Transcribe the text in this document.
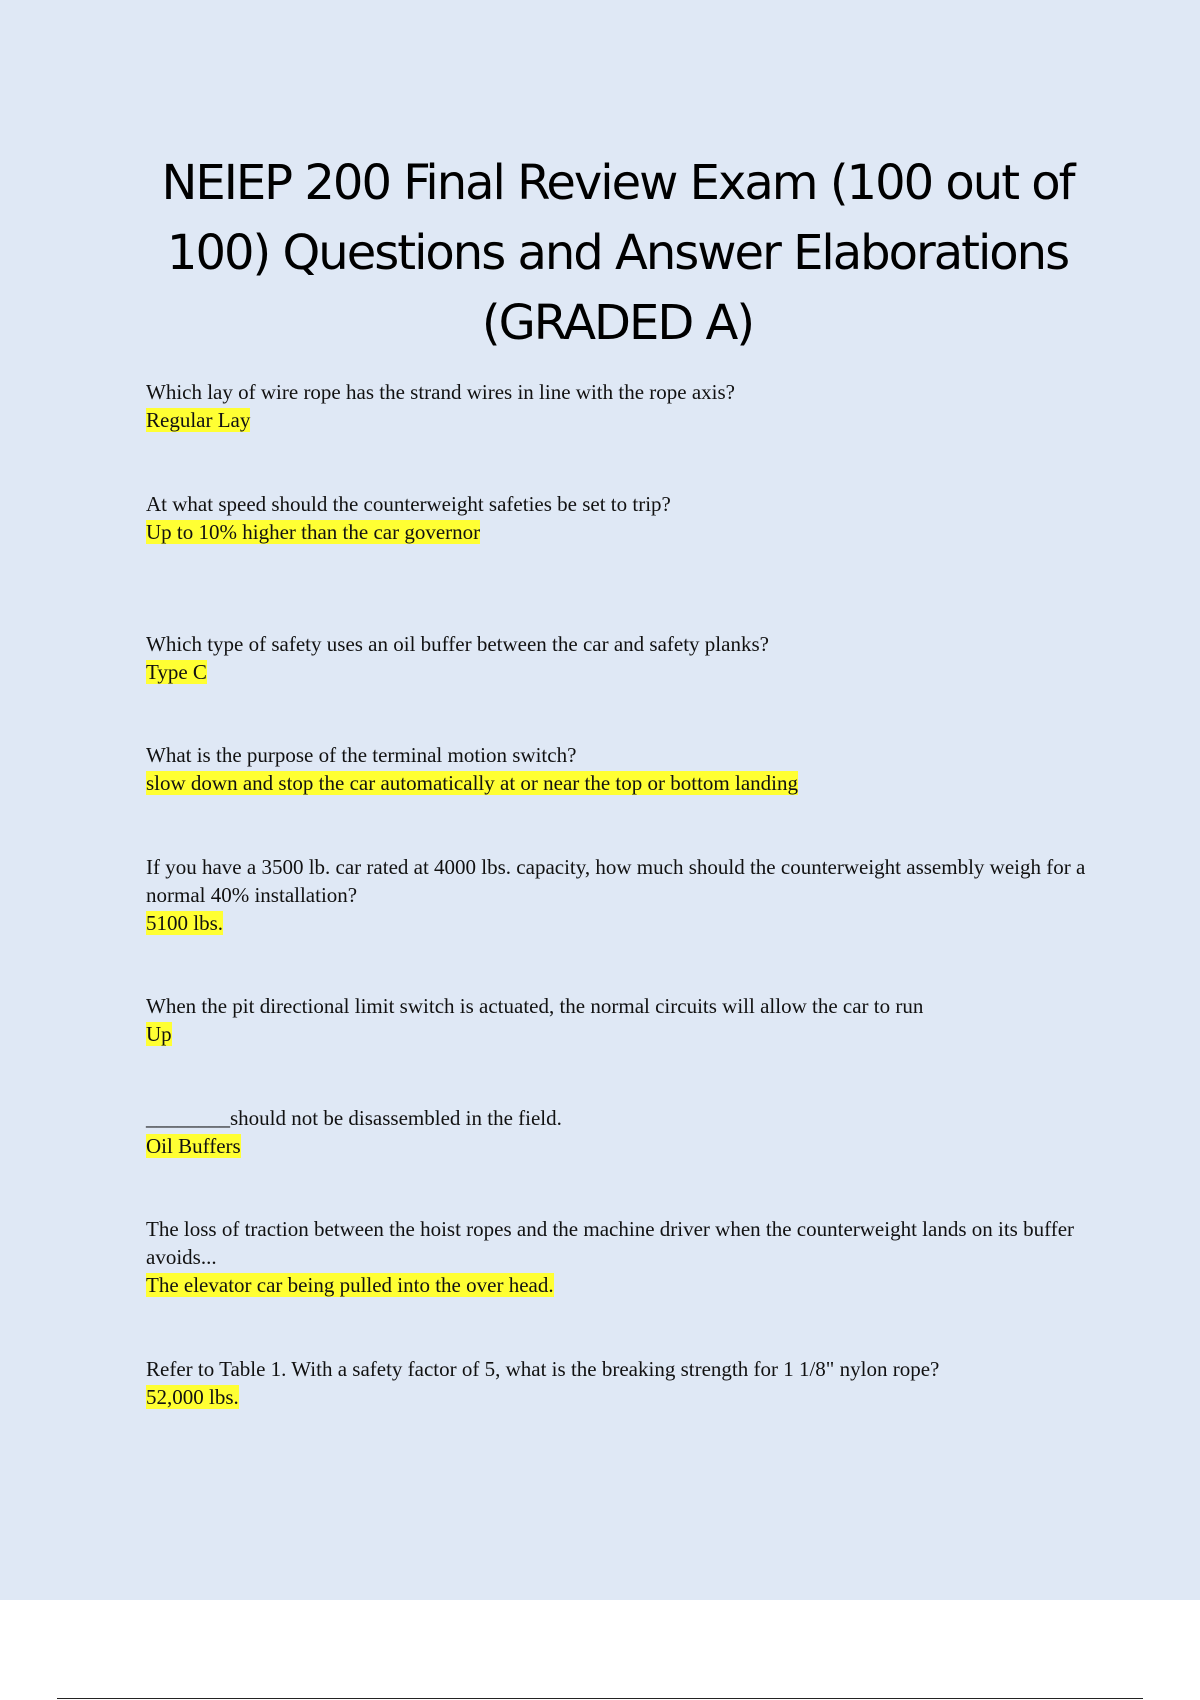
NEIEP 200 Final Review Exam (100 out of 100) Questions and Answer Elaborations (GRADED A)

Which lay of wire rope has the strand wires in line with the rope axis?

Regular Lay

At what speed should the counterweight safeties be set to trip?

Up to 10% higher than the car governor

Which type of safety uses an oil buffer between the car and safety planks?

Type C

What is the purpose of the terminal motion switch?

slow down and stop the car automatically at or near the top or bottom landing

If you have a 3500 lb. car rated at 4000 lbs. capacity, how much should the counterweight assembly weigh for a normal 40% installation?

5100 lbs.

When the pit directional limit switch is actuated, the normal circuits will allow the car to run

Up

________should not be disassembled in the field.

Oil Buffers

The loss of traction between the hoist ropes and the machine driver when the counterweight lands on its buffer avoids...

The elevator car being pulled into the over head.

Refer to Table 1. With a safety factor of 5, what is the breaking strength for 1 1/8" nylon rope?

52,000 lbs.
